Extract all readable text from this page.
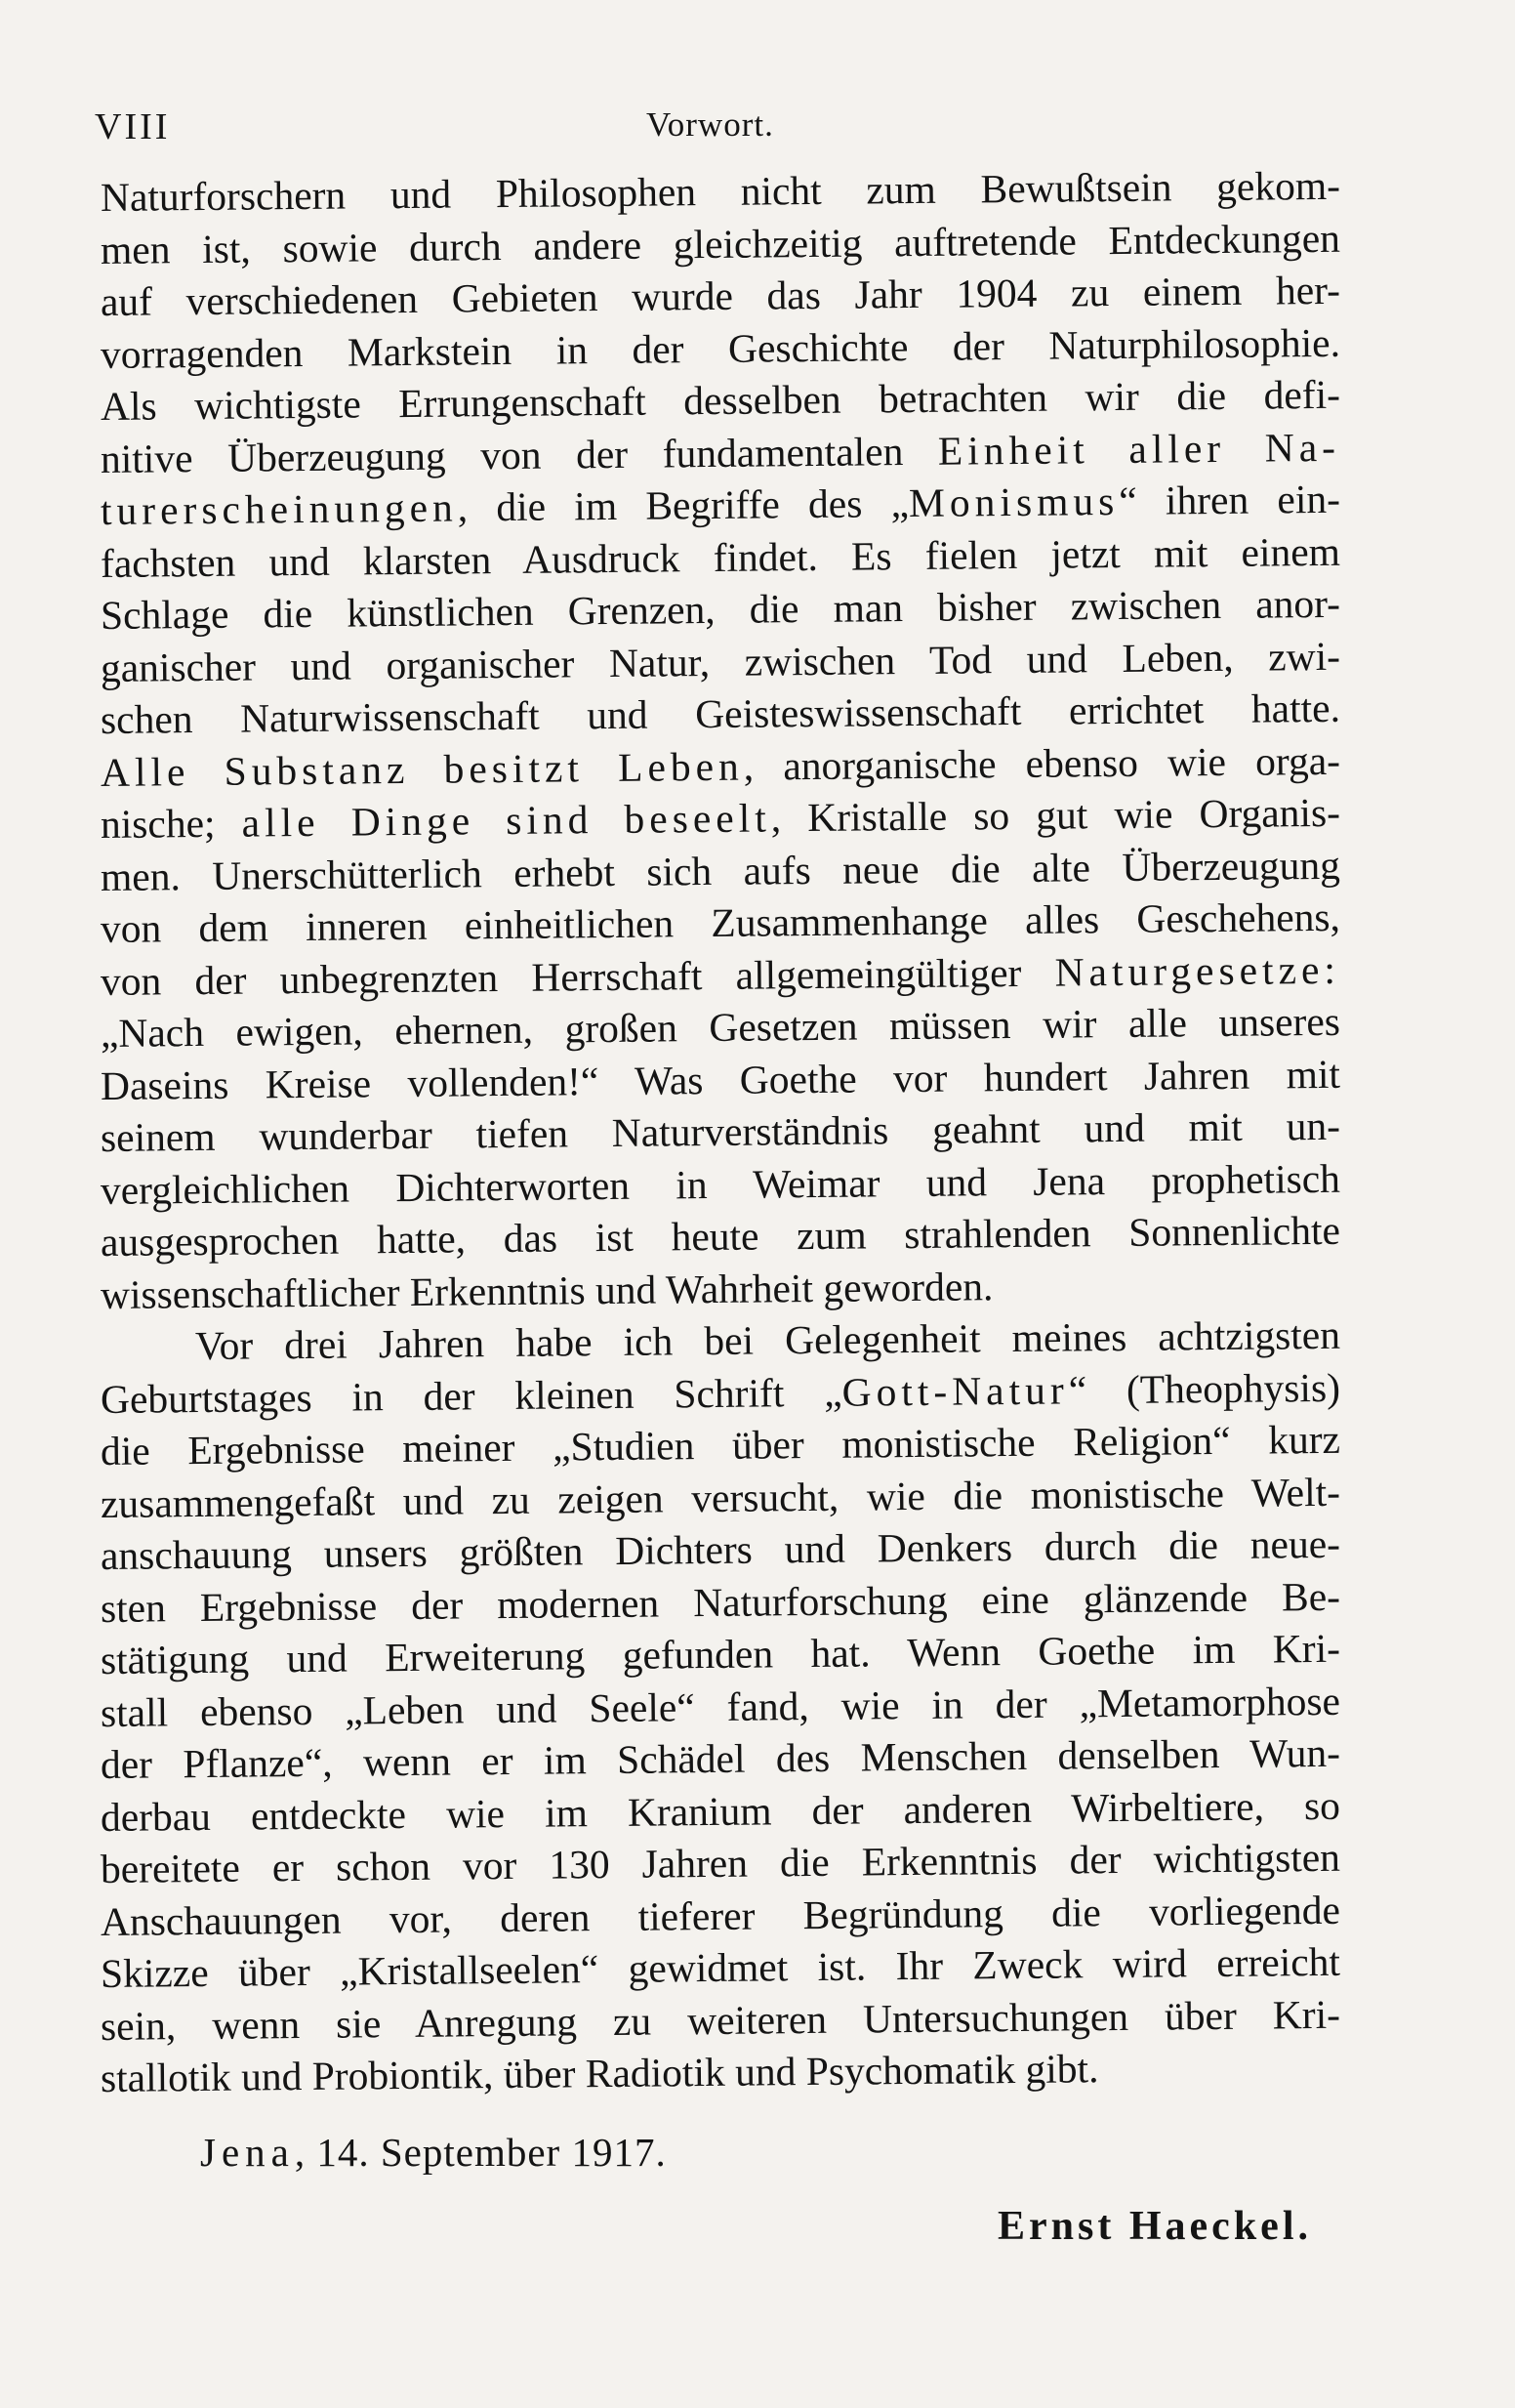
VIII	Vorwort.
Naturforschern und Philosophen nicht zum Bewußtsein gekom-
men ist, sowie durch andere gleichzeitig auftretende Entdeckungen
auf verschiedenen Gebieten wurde das Jahr 1904 zu einem her-
vorragenden Markstein in der Geschichte der Naturphilosophie.
Als wichtigste Errungenschaft desselben betrachten wir die defi-
nitive Überzeugung von der fundamentalen Einheit aller Na-
turerscheinungen, die im Begriffe des „Monismus“ ihren ein-
fachsten und klarsten Ausdruck findet. Es fielen jetzt mit einem
Schlage die künstlichen Grenzen, die man bisher zwischen anor-
ganischer und organischer Natur, zwischen Tod und Leben, zwi-
schen Naturwissenschaft und Geisteswissenschaft errichtet hatte.
Alle Substanz besitzt Leben, anorganische ebenso wie orga-
nische; alle Dinge sind beseelt, Kristalle so gut wie Organis-
men. Unerschütterlich erhebt sich aufs neue die alte Überzeugung
von dem inneren einheitlichen Zusammenhange alles Geschehens,
von der unbegrenzten Herrschaft allgemeingültiger Naturgesetze:
„Nach ewigen, ehernen, großen Gesetzen müssen wir alle unseres
Daseins Kreise vollenden!“ Was Goethe vor hundert Jahren mit
seinem wunderbar tiefen Naturverständnis geahnt und mit un-
vergleichlichen Dichterworten in Weimar und Jena prophetisch
ausgesprochen hatte, das ist heute zum strahlenden Sonnenlichte
wissenschaftlicher Erkenntnis und Wahrheit geworden.
Vor drei Jahren habe ich bei Gelegenheit meines achtzigsten
Geburtstages in der kleinen Schrift „Gott-Natur“ (Theophysis)
die Ergebnisse meiner „Studien über monistische Religion“ kurz
zusammengefaßt und zu zeigen versucht, wie die monistische Welt-
anschauung unsers größten Dichters und Denkers durch die neue-
sten Ergebnisse der modernen Naturforschung eine glänzende Be-
stätigung und Erweiterung gefunden hat. Wenn Goethe im Kri-
stall ebenso „Leben und Seele“ fand, wie in der „Metamorphose
der Pflanze“, wenn er im Schädel des Menschen denselben Wun-
derbau entdeckte wie im Kranium der anderen Wirbeltiere, so
bereitete er schon vor 130 Jahren die Erkenntnis der wichtigsten
Anschauungen vor, deren tieferer Begründung die vorliegende
Skizze über „Kristallseelen“ gewidmet ist. Ihr Zweck wird erreicht
sein, wenn sie Anregung zu weiteren Untersuchungen über Kri-
stallotik und Probiontik, über Radiotik und Psychomatik gibt.
Jena, 14. September 1917.
Ernst Haeckel.
